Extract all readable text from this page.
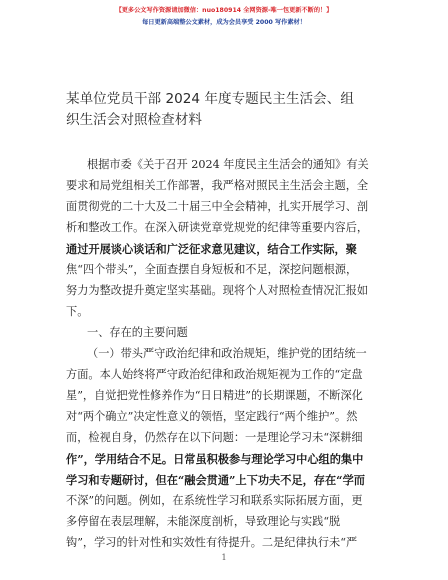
【更多公文写作资源请加微信：nuo180914 全网资源-唯一包更新不断的！】
每日更新高端整公文素材，成为会员享受 2000 写作素材！
某单位党员干部 2024 年度专题民主生活会、组
织生活会对照检查材料
根据市委《关于召开 2024 年度民主生活会的通知》有关
要求和局党组相关工作部署，我严格对照民主生活会主题，全
面贯彻党的二十大及二十届三中全会精神，扎实开展学习、剖
析和整改工作。在深入研读党章党规党的纪律等重要内容后，
通过开展谈心谈话和广泛征求意见建议，结合工作实际，聚
焦“四个带头”，全面查摆自身短板和不足，深挖问题根源，
努力为整改提升奠定坚实基础。现将个人对照检查情况汇报如
下。
一、存在的主要问题
（一）带头严守政治纪律和政治规矩，维护党的团结统一
方面。本人始终将严守政治纪律和政治规矩视为工作的“定盘
星”，自觉把党性修养作为“日日精进”的长期课题，不断深化
对“两个确立”决定性意义的领悟，坚定践行“两个维护”。然
而，检视自身，仍然存在以下问题：一是理论学习未“深耕细
作”，学用结合不足。日常虽积极参与理论学习中心组的集中
学习和专题研讨，但在“融会贯通”上下功夫不足，存在“学而
不深”的问题。例如，在系统性学习和联系实际拓展方面，更
多停留在表层理解，未能深度剖析，导致理论与实践“脱
钩”，学习的针对性和实效性有待提升。二是纪律执行未“严
1
